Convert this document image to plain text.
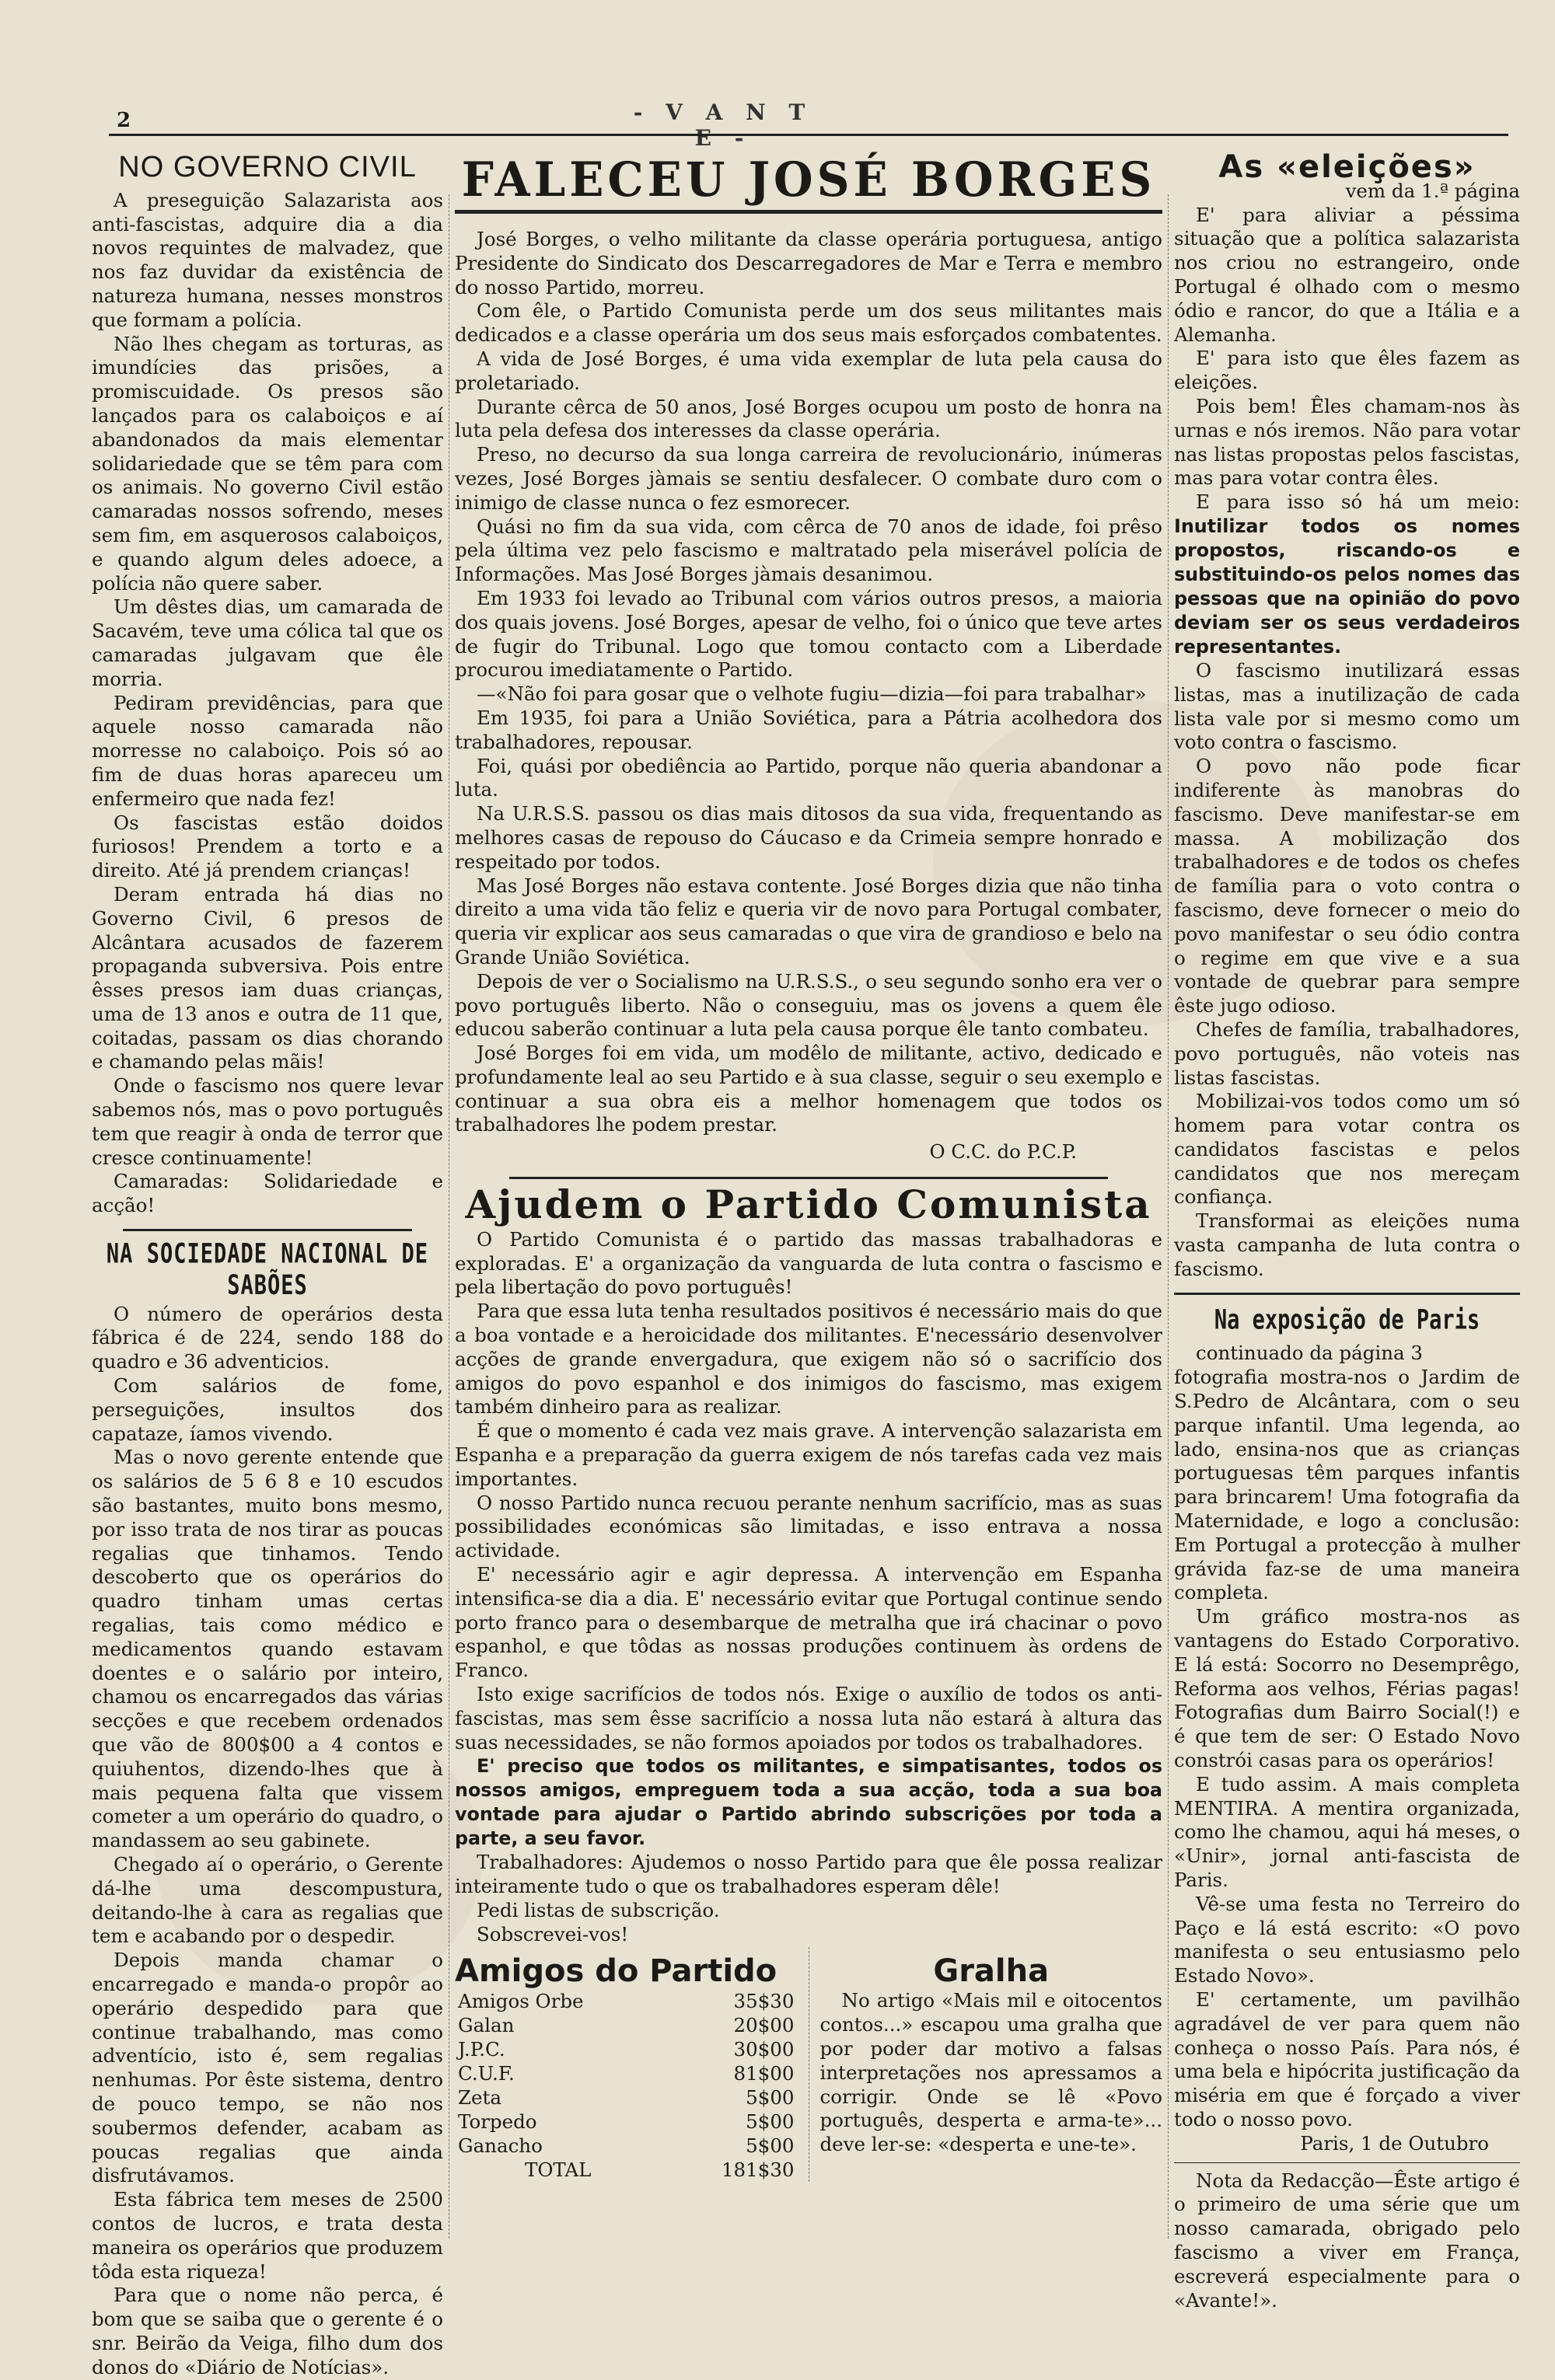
2	- V A N T E -
NO GOVERNO CIVIL

A preseguição Salazarista aos anti-fascistas, adquire dia a dia novos requintes de malvadez, que nos faz duvidar da existência de natureza humana, nesses monstros que formam a polícia.

Não lhes chegam as torturas, as imundícies das prisões, a promiscuidade. Os presos são lançados para os calaboiços e aí abandonados da mais elementar solidariedade que se têm para com os animais. No governo Civil estão camaradas nossos sofrendo, meses sem fim, em asquerosos calaboiços, e quando algum deles adoece, a polícia não quere saber.

Um dêstes dias, um camarada de Sacavém, teve uma cólica tal que os camaradas julgavam que êle morria.

Pediram previdências, para que aquele nosso camarada não morresse no calaboiço. Pois só ao fim de duas horas apareceu um enfermeiro que nada fez!

Os fascistas estão doidos furiosos! Prendem a torto e a direito. Até já prendem crianças!

Deram entrada há dias no Governo Civil, 6 presos de Alcântara acusados de fazerem propaganda subversiva. Pois entre êsses presos iam duas crianças, uma de 13 anos e outra de 11 que, coitadas, passam os dias chorando e chamando pelas mãis!

Onde o fascismo nos quere levar sabemos nós, mas o povo português tem que reagir à onda de terror que cresce continuamente!

Camaradas: Solidariedade e acção!

NA SOCIEDADE NACIONAL DE SABÕES

O número de operários desta fábrica é de 224, sendo 188 do quadro e 36 adventicios.

Com salários de fome, perseguições, insultos dos capataze, íamos vivendo.

Mas o novo gerente entende que os salários de 5 6 8 e 10 escudos são bastantes, muito bons mesmo, por isso trata de nos tirar as poucas regalias que tinhamos. Tendo descoberto que os operários do quadro tinham umas certas regalias, tais como médico e medicamentos quando estavam doentes e o salário por inteiro, chamou os encarregados das várias secções e que recebem ordenados que vão de 800$00 a 4 contos e quiuhentos, dizendo-lhes que à mais pequena falta que vissem cometer a um operário do quadro, o mandassem ao seu gabinete.

Chegado aí o operário, o Gerente dá-lhe uma descompustura, deitando-lhe à cara as regalias que tem e acabando por o despedir.

Depois manda chamar o encarregado e manda-o propôr ao operário despedido para que continue trabalhando, mas como adventício, isto é, sem regalias nenhumas. Por êste sistema, dentro de pouco tempo, se não nos soubermos defender, acabam as poucas regalias que ainda disfrutávamos.

Esta fábrica tem meses de 2500 contos de lucros, e trata desta maneira os operários que produzem tôda esta riqueza!

Para que o nome não perca, é bom que se saiba que o gerente é o snr. Beirão da Veiga, filho dum dos donos do «Diário de Notícias».

FALECEU JOSÉ BORGES

José Borges, o velho militante da classe operária portuguesa, antigo Presidente do Sindicato dos Descarregadores de Mar e Terra e membro do nosso Partido, morreu.

Com êle, o Partido Comunista perde um dos seus militantes mais dedicados e a classe operária um dos seus mais esforçados combatentes.

A vida de José Borges, é uma vida exemplar de luta pela causa do proletariado.

Durante cêrca de 50 anos, José Borges ocupou um posto de honra na luta pela defesa dos interesses da classe operária.

Preso, no decurso da sua longa carreira de revolucionário, inúmeras vezes, José Borges jàmais se sentiu desfalecer. O combate duro com o inimigo de classe nunca o fez esmorecer.

Quási no fim da sua vida, com cêrca de 70 anos de idade, foi prêso pela última vez pelo fascismo e maltratado pela miserável polícia de Informações. Mas José Borges jàmais desanimou.

Em 1933 foi levado ao Tribunal com vários outros presos, a maioria dos quais jovens. José Borges, apesar de velho, foi o único que teve artes de fugir do Tribunal. Logo que tomou contacto com a Liberdade procurou imediatamente o Partido.

—«Não foi para gosar que o velhote fugiu—dizia—foi para trabalhar»

Em 1935, foi para a União Soviética, para a Pátria acolhedora dos trabalhadores, repousar.

Foi, quási por obediência ao Partido, porque não queria abandonar a luta.

Na U.R.S.S. passou os dias mais ditosos da sua vida, frequentando as melhores casas de repouso do Cáucaso e da Crimeia sempre honrado e respeitado por todos.

Mas José Borges não estava contente. José Borges dizia que não tinha direito a uma vida tão feliz e queria vir de novo para Portugal combater, queria vir explicar aos seus camaradas o que vira de grandioso e belo na Grande União Soviética.

Depois de ver o Socialismo na U.R.S.S., o seu segundo sonho era ver o povo português liberto. Não o conseguiu, mas os jovens a quem êle educou saberão continuar a luta pela causa porque êle tanto combateu.

José Borges foi em vida, um modêlo de militante, activo, dedicado e profundamente leal ao seu Partido e à sua classe, seguir o seu exemplo e continuar a sua obra eis a melhor homenagem que todos os trabalhadores lhe podem prestar.

O C.C. do P.C.P.
Ajudem o Partido Comunista

O Partido Comunista é o partido das massas trabalhadoras e exploradas. E' a organização da vanguarda de luta contra o fascismo e pela libertação do povo português!

Para que essa luta tenha resultados positivos é necessário mais do que a boa vontade e a heroicidade dos militantes. E'necessário desenvolver acções de grande envergadura, que exigem não só o sacrifício dos amigos do povo espanhol e dos inimigos do fascismo, mas exigem também dinheiro para as realizar.

É que o momento é cada vez mais grave. A intervenção salazarista em Espanha e a preparação da guerra exigem de nós tarefas cada vez mais importantes.

O nosso Partido nunca recuou perante nenhum sacrifício, mas as suas possibilidades económicas são limitadas, e isso entrava a nossa actividade.

E' necessário agir e agir depressa. A intervenção em Espanha intensifica-se dia a dia. E' necessário evitar que Portugal continue sendo porto franco para o desembarque de metralha que irá chacinar o povo espanhol, e que tôdas as nossas produções continuem às ordens de Franco.

Isto exige sacrifícios de todos nós. Exige o auxílio de todos os anti-fascistas, mas sem êsse sacrifício a nossa luta não estará à altura das suas necessidades, se não formos apoiados por todos os trabalhadores.

E' preciso que todos os militantes, e simpatisantes, todos os nossos amigos, empreguem toda a sua acção, toda a sua boa vontade para ajudar o Partido abrindo subscrições por toda a parte, a seu favor.

Trabalhadores: Ajudemos o nosso Partido para que êle possa realizar inteiramente tudo o que os trabalhadores esperam dêle!

Pedi listas de subscrição.

Sobscrevei-vos!

Amigos do Partido
Amigos Orbe	35$30
Galan	20$00
J.P.C.	30$00
C.U.F.	81$00
Zeta	5$00
Torpedo	5$00
Ganacho	5$00
TOTAL	181$30
Gralha

No artigo «Mais mil e oitocentos contos...» escapou uma gralha que por poder dar motivo a falsas interpretações nos apressamos a corrigir. Onde se lê «Povo português, desperta e arma-te»... deve ler-se: «desperta e une-te».

As «eleições»

vem da 1.ª página

E' para aliviar a péssima situação que a política salazarista nos criou no estrangeiro, onde Portugal é olhado com o mesmo ódio e rancor, do que a Itália e a Alemanha.

E' para isto que êles fazem as eleições.

Pois bem! Êles chamam-nos às urnas e nós iremos. Não para votar nas listas propostas pelos fascistas, mas para votar contra êles.

E para isso só há um meio: Inutilizar todos os nomes propostos, riscando-os e substituindo-os pelos nomes das pessoas que na opinião do povo deviam ser os seus verdadeiros representantes.

O fascismo inutilizará essas listas, mas a inutilização de cada lista vale por si mesmo como um voto contra o fascismo.

O povo não pode ficar indiferente às manobras do fascismo. Deve manifestar-se em massa. A mobilização dos trabalhadores e de todos os chefes de família para o voto contra o fascismo, deve fornecer o meio do povo manifestar o seu ódio contra o regime em que vive e a sua vontade de quebrar para sempre êste jugo odioso.

Chefes de família, trabalhadores, povo português, não voteis nas listas fascistas.

Mobilizai-vos todos como um só homem para votar contra os candidatos fascistas e pelos candidatos que nos mereçam confiança.

Transformai as eleições numa vasta campanha de luta contra o fascismo.

Na exposição de Paris

continuado da página 3

fotografia mostra-nos o Jardim de S.Pedro de Alcântara, com o seu parque infantil. Uma legenda, ao lado, ensina-nos que as crianças portuguesas têm parques infantis para brincarem! Uma fotografia da Maternidade, e logo a conclusão: Em Portugal a protecção à mulher grávida faz-se de uma maneira completa.

Um gráfico mostra-nos as vantagens do Estado Corporativo. E lá está: Socorro no Desemprêgo, Reforma aos velhos, Férias pagas! Fotografias dum Bairro Social(!) e é que tem de ser: O Estado Novo constrói casas para os operários!

E tudo assim. A mais completa MENTIRA. A mentira organizada, como lhe chamou, aqui há meses, o «Unir», jornal anti-fascista de Paris.

Vê-se uma festa no Terreiro do Paço e lá está escrito: «O povo manifesta o seu entusiasmo pelo Estado Novo».

E' certamente, um pavilhão agradável de ver para quem não conheça o nosso País. Para nós, é uma bela e hipócrita justificação da miséria em que é forçado a viver todo o nosso povo.

Paris, 1 de Outubro

Nota da Redacção—Êste artigo é o primeiro de uma série que um nosso camarada, obrigado pelo fascismo a viver em França, escreverá especialmente para o «Avante!».
